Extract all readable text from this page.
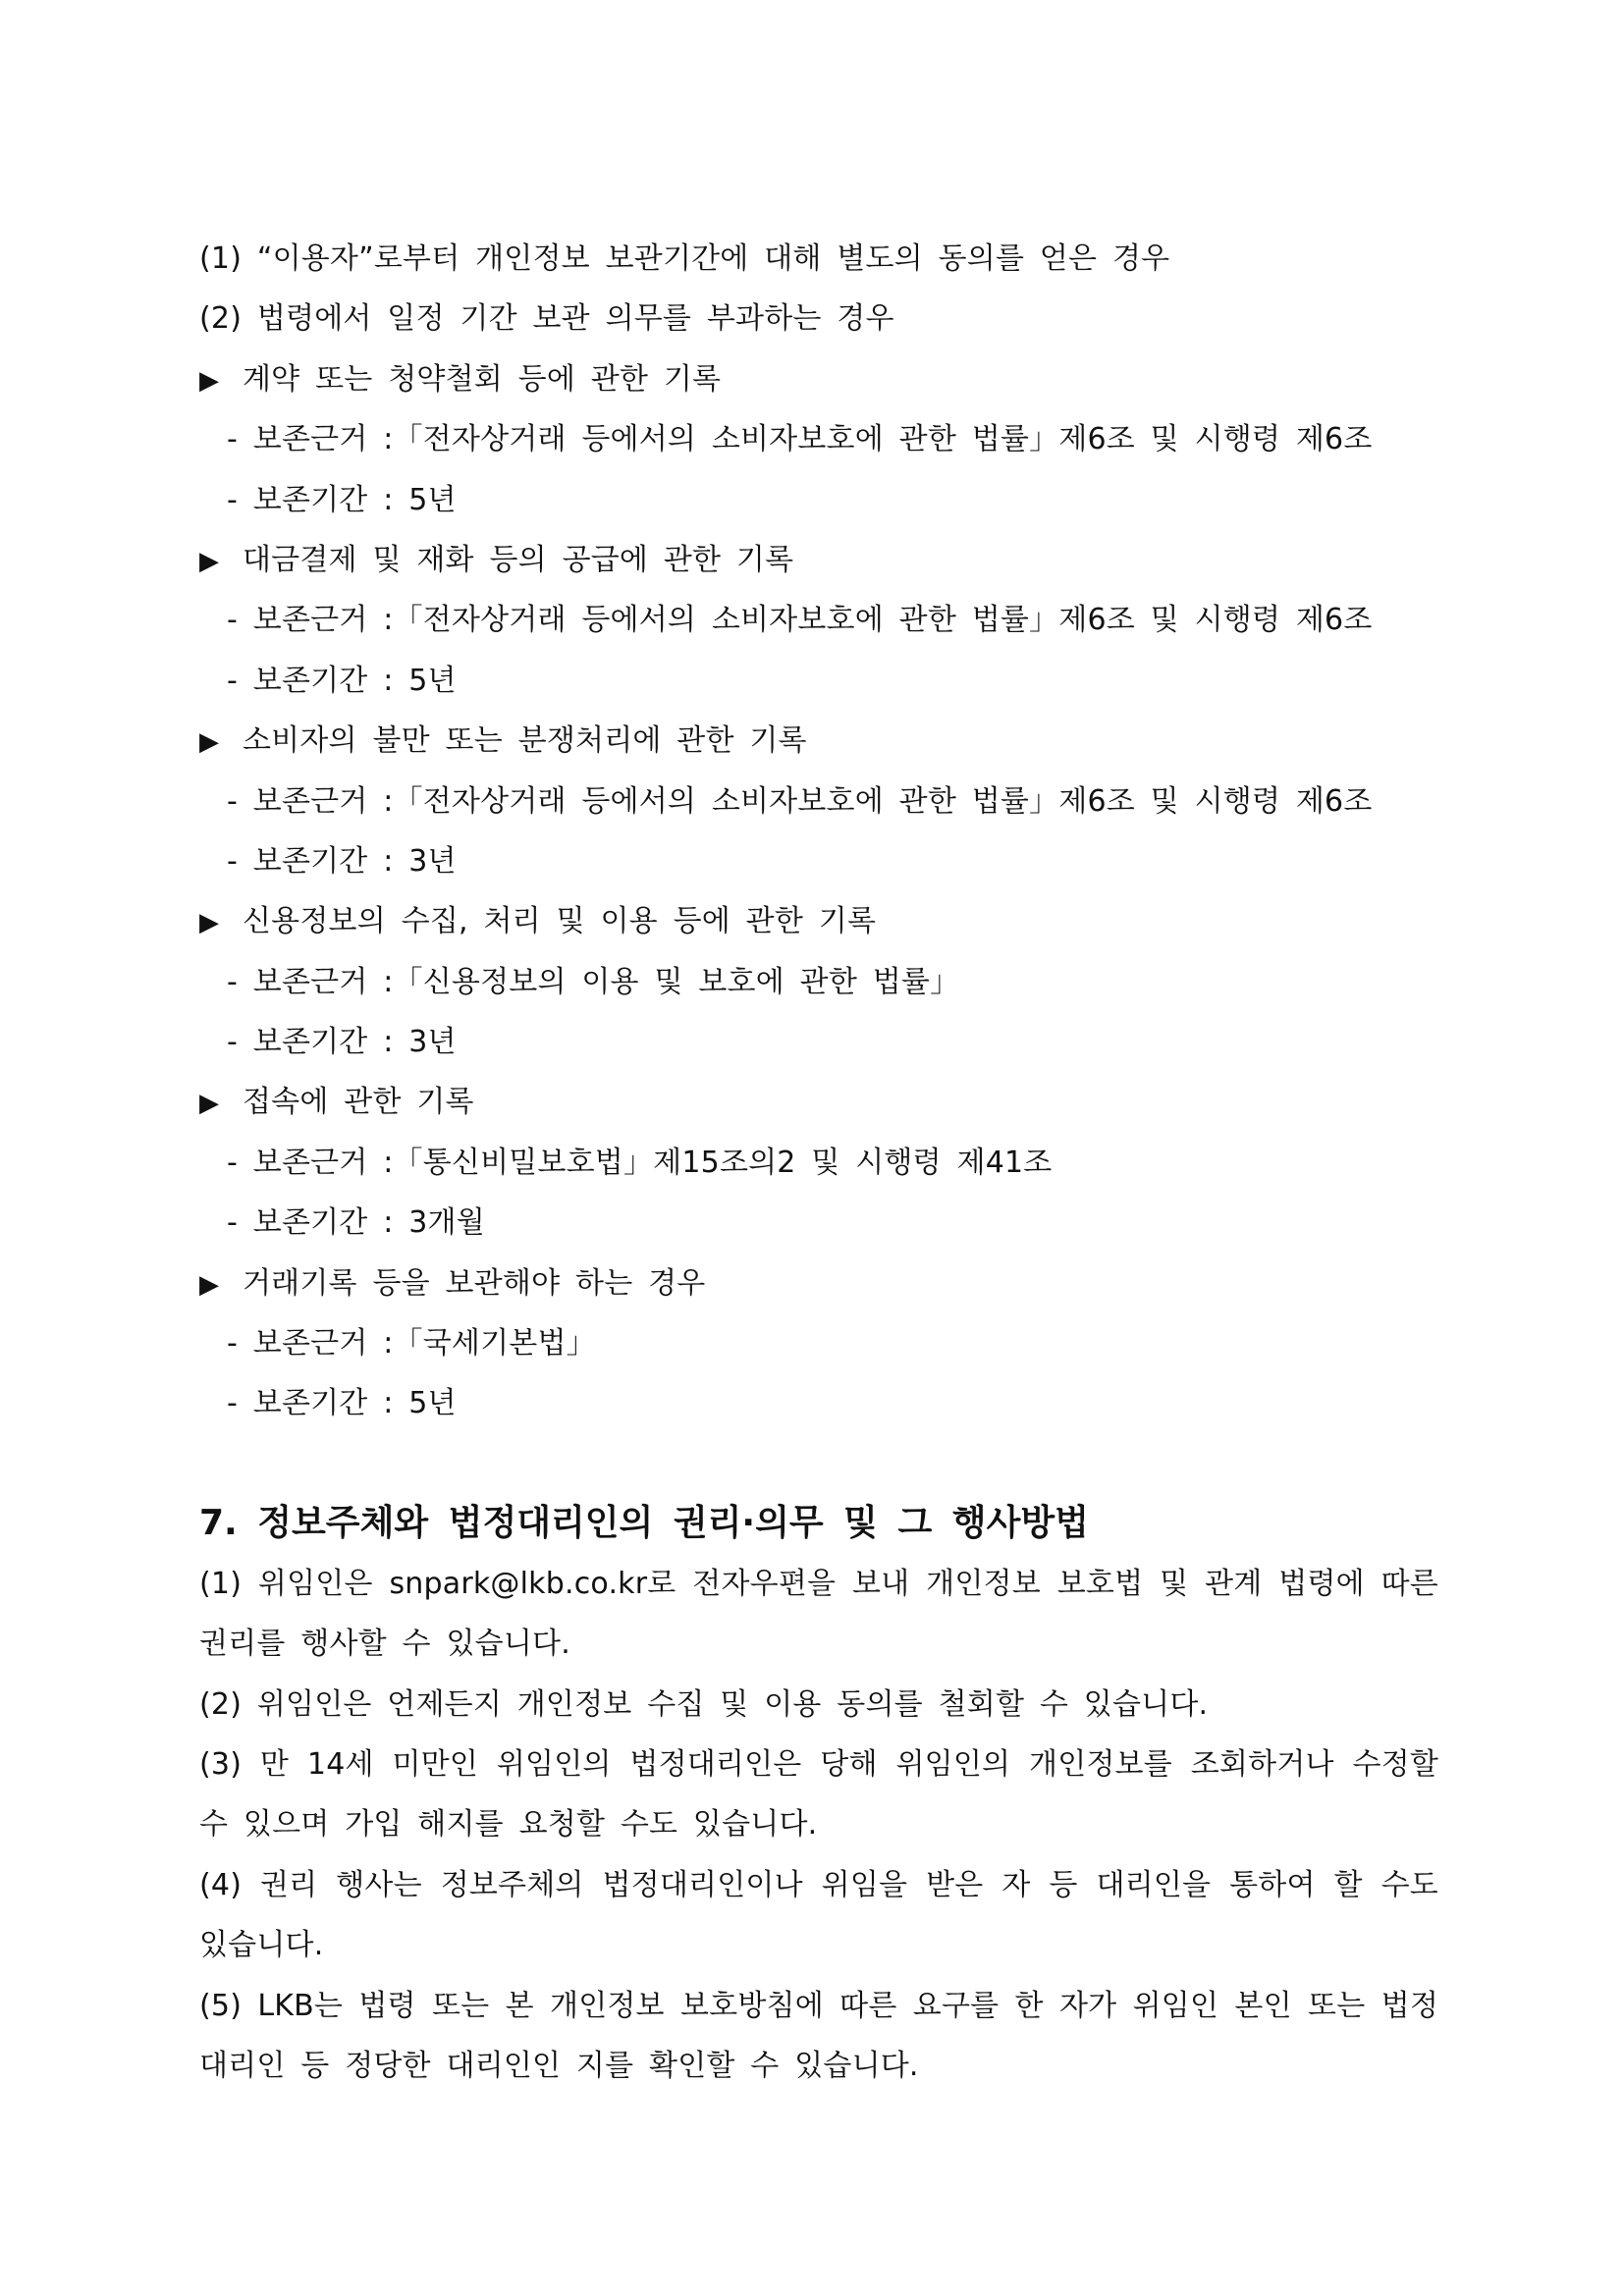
(1) “이용자”로부터 개인정보 보관기간에 대해 별도의 동의를 얻은 경우
(2) 법령에서 일정 기간 보관 의무를 부과하는 경우
▶ 계약 또는 청약철회 등에 관한 기록
- 보존근거 :「전자상거래 등에서의 소비자보호에 관한 법률」제6조 및 시행령 제6조
- 보존기간 : 5년
▶ 대금결제 및 재화 등의 공급에 관한 기록
- 보존근거 :「전자상거래 등에서의 소비자보호에 관한 법률」제6조 및 시행령 제6조
- 보존기간 : 5년
▶ 소비자의 불만 또는 분쟁처리에 관한 기록
- 보존근거 :「전자상거래 등에서의 소비자보호에 관한 법률」제6조 및 시행령 제6조
- 보존기간 : 3년
▶ 신용정보의 수집, 처리 및 이용 등에 관한 기록
- 보존근거 :「신용정보의 이용 및 보호에 관한 법률」
- 보존기간 : 3년
▶ 접속에 관한 기록
- 보존근거 :「통신비밀보호법」제15조의2 및 시행령 제41조
- 보존기간 : 3개월
▶ 거래기록 등을 보관해야 하는 경우
- 보존근거 :「국세기본법」
- 보존기간 : 5년
7. 정보주체와 법정대리인의 권리·의무 및 그 행사방법
(1) 위임인은 snpark@lkb.co.kr로 전자우편을 보내 개인정보 보호법 및 관계 법령에 따른 권리를 행사할 수 있습니다.
(2) 위임인은 언제든지 개인정보 수집 및 이용 동의를 철회할 수 있습니다.
(3) 만 14세 미만인 위임인의 법정대리인은 당해 위임인의 개인정보를 조회하거나 수정할 수 있으며 가입 해지를 요청할 수도 있습니다.
(4) 권리 행사는 정보주체의 법정대리인이나 위임을 받은 자 등 대리인을 통하여 할 수도 있습니다.
(5) LKB는 법령 또는 본 개인정보 보호방침에 따른 요구를 한 자가 위임인 본인 또는 법정대리인 등 정당한 대리인인 지를 확인할 수 있습니다.
